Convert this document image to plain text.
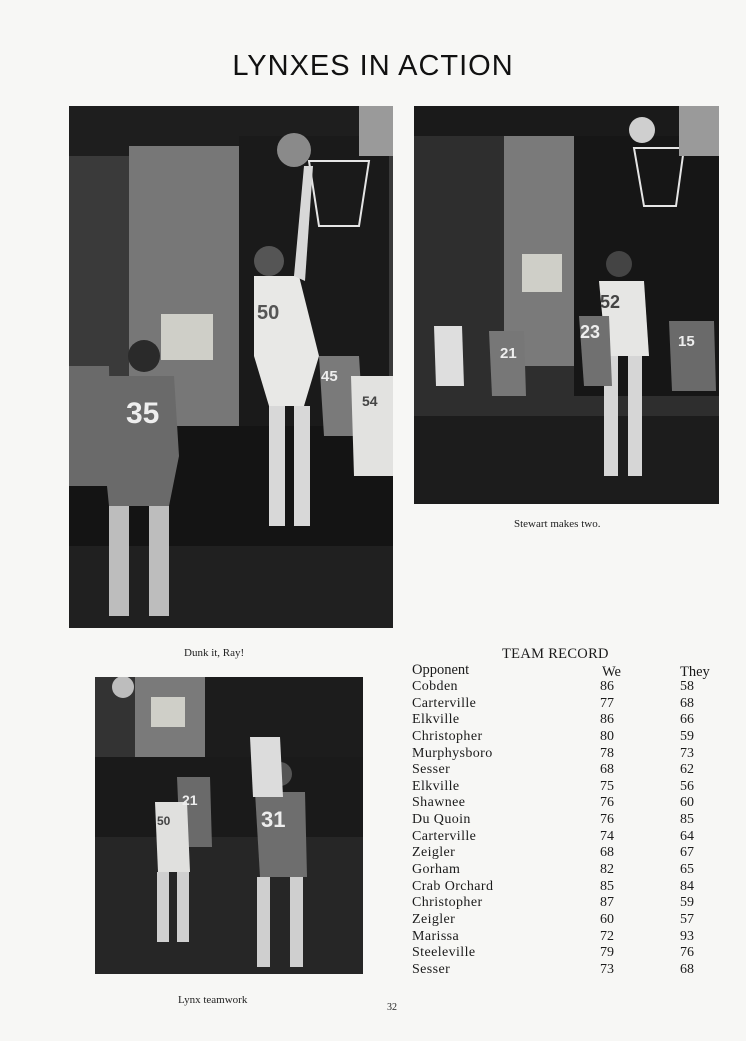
LYNXES IN ACTION
35
50
45
54
Dunk it, Ray!
52
23
21
15
Stewart makes two.
31
21
50
Lynx teamwork
TEAM RECORD
Opponent	We	They
Cobden	86	58
Carterville	77	68
Elkville	86	66
Christopher	80	59
Murphysboro	78	73
Sesser	68	62
Elkville	75	56
Shawnee	76	60
Du Quoin	76	85
Carterville	74	64
Zeigler	68	67
Gorham	82	65
Crab Orchard	85	84
Christopher	87	59
Zeigler	60	57
Marissa	72	93
Steeleville	79	76
Sesser	73	68
32
